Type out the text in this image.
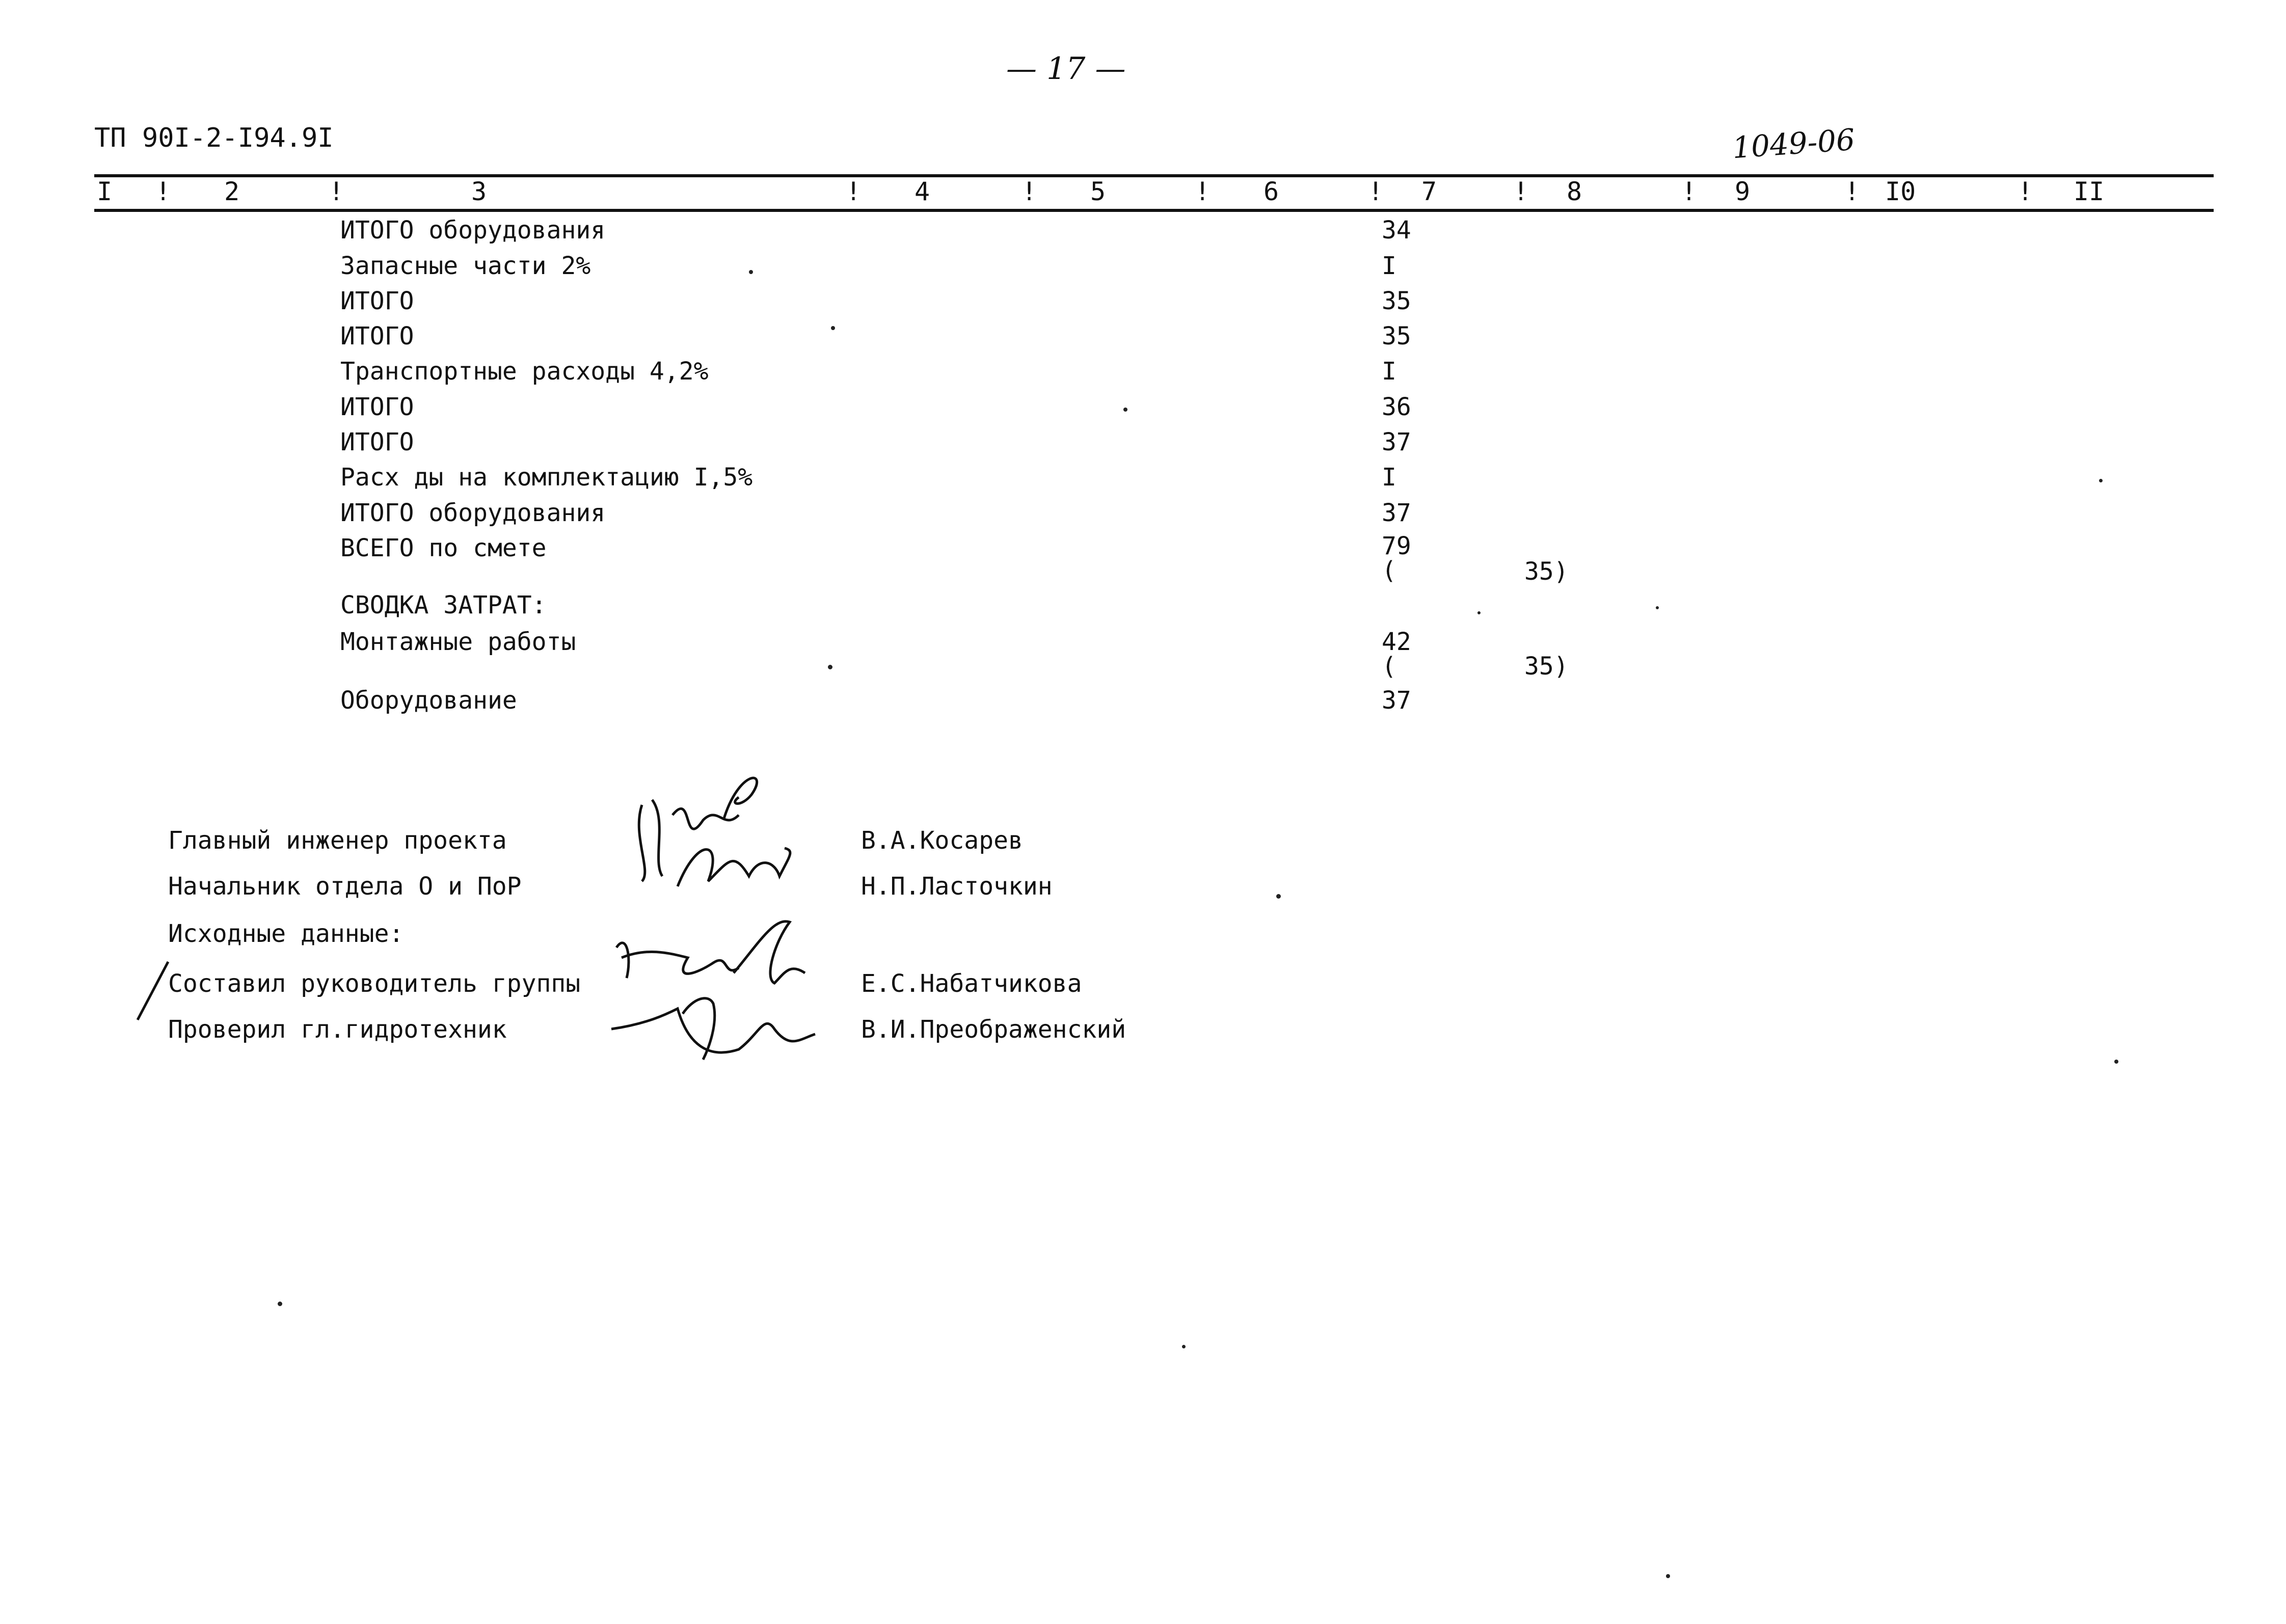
— 17 —
ТП 90I-2-I94.9I	1049-06
I ! 2	!	3	! 4	! 5	! 6	! 7	! 8	! 9	! I0	! II
ИТОГО оборудования	34
Запасные части 2%	I
ИТОГО	35
ИТОГО	35
Транспортные расходы 4,2%	I
ИТОГО	36
ИТОГО	37
Расх ды на комплектацию I,5%	I
ИТОГО оборудования	37
ВСЕГО по смете	79
(	35)
СВОДКА ЗАТРАТ:
Монтажные работы	42
(	35)
Оборудование	37
Главный инженер проекта	В.А.Косарев
Начальник отдела О и ПоР	Н.П.Ласточкин
Исходные данные:
Составил руководитель группы	Е.С.Набатчикова
Проверил гл.гидротехник	В.И.Преображенский
